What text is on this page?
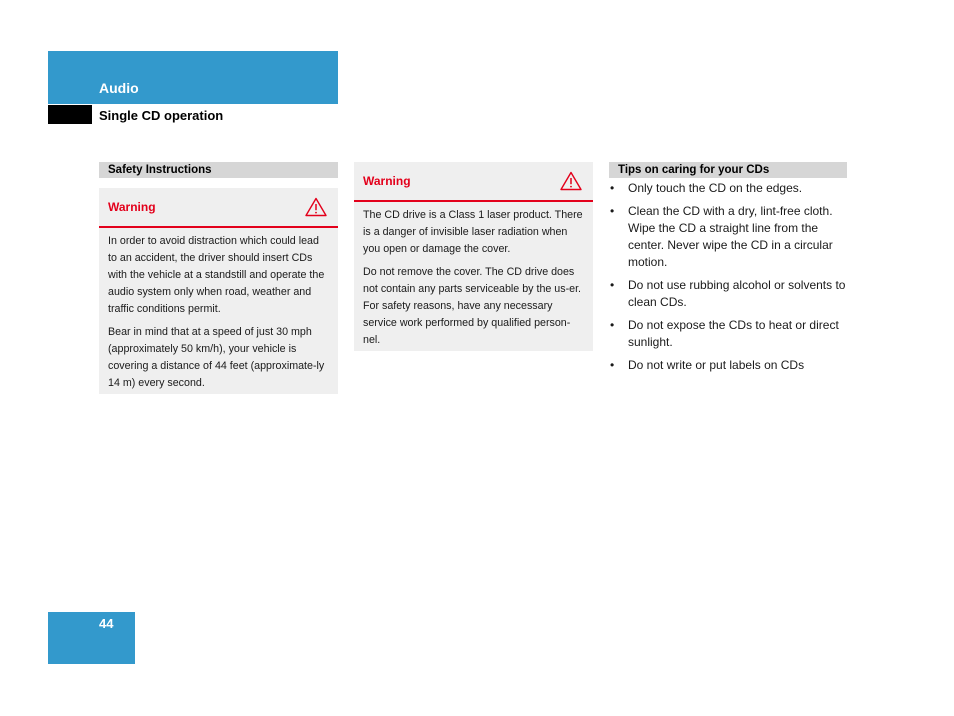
Audio
Single CD operation
Safety Instructions
Warning

In order to avoid distraction which could lead to an accident, the driver should insert CDs with the vehicle at a standstill and operate the audio system only when road, weather and traffic conditions permit.

Bear in mind that at a speed of just 30 mph (approximately 50 km/h), your vehicle is covering a distance of 44 feet (approximate-ly 14 m) every second.

Warning

The CD drive is a Class 1 laser product. There is a danger of invisible laser radiation when you open or damage the cover.

Do not remove the cover. The CD drive does not contain any parts serviceable by the us-er. For safety reasons, have any necessary service work performed by qualified person-nel.

Tips on caring for your CDs
• Only touch the CD on the edges.
• Clean the CD with a dry, lint-free cloth. Wipe the CD a straight line from the center. Never wipe the CD in a circular motion.
• Do not use rubbing alcohol or solvents to clean CDs.
• Do not expose the CDs to heat or direct sunlight.
• Do not write or put labels on CDs
44
